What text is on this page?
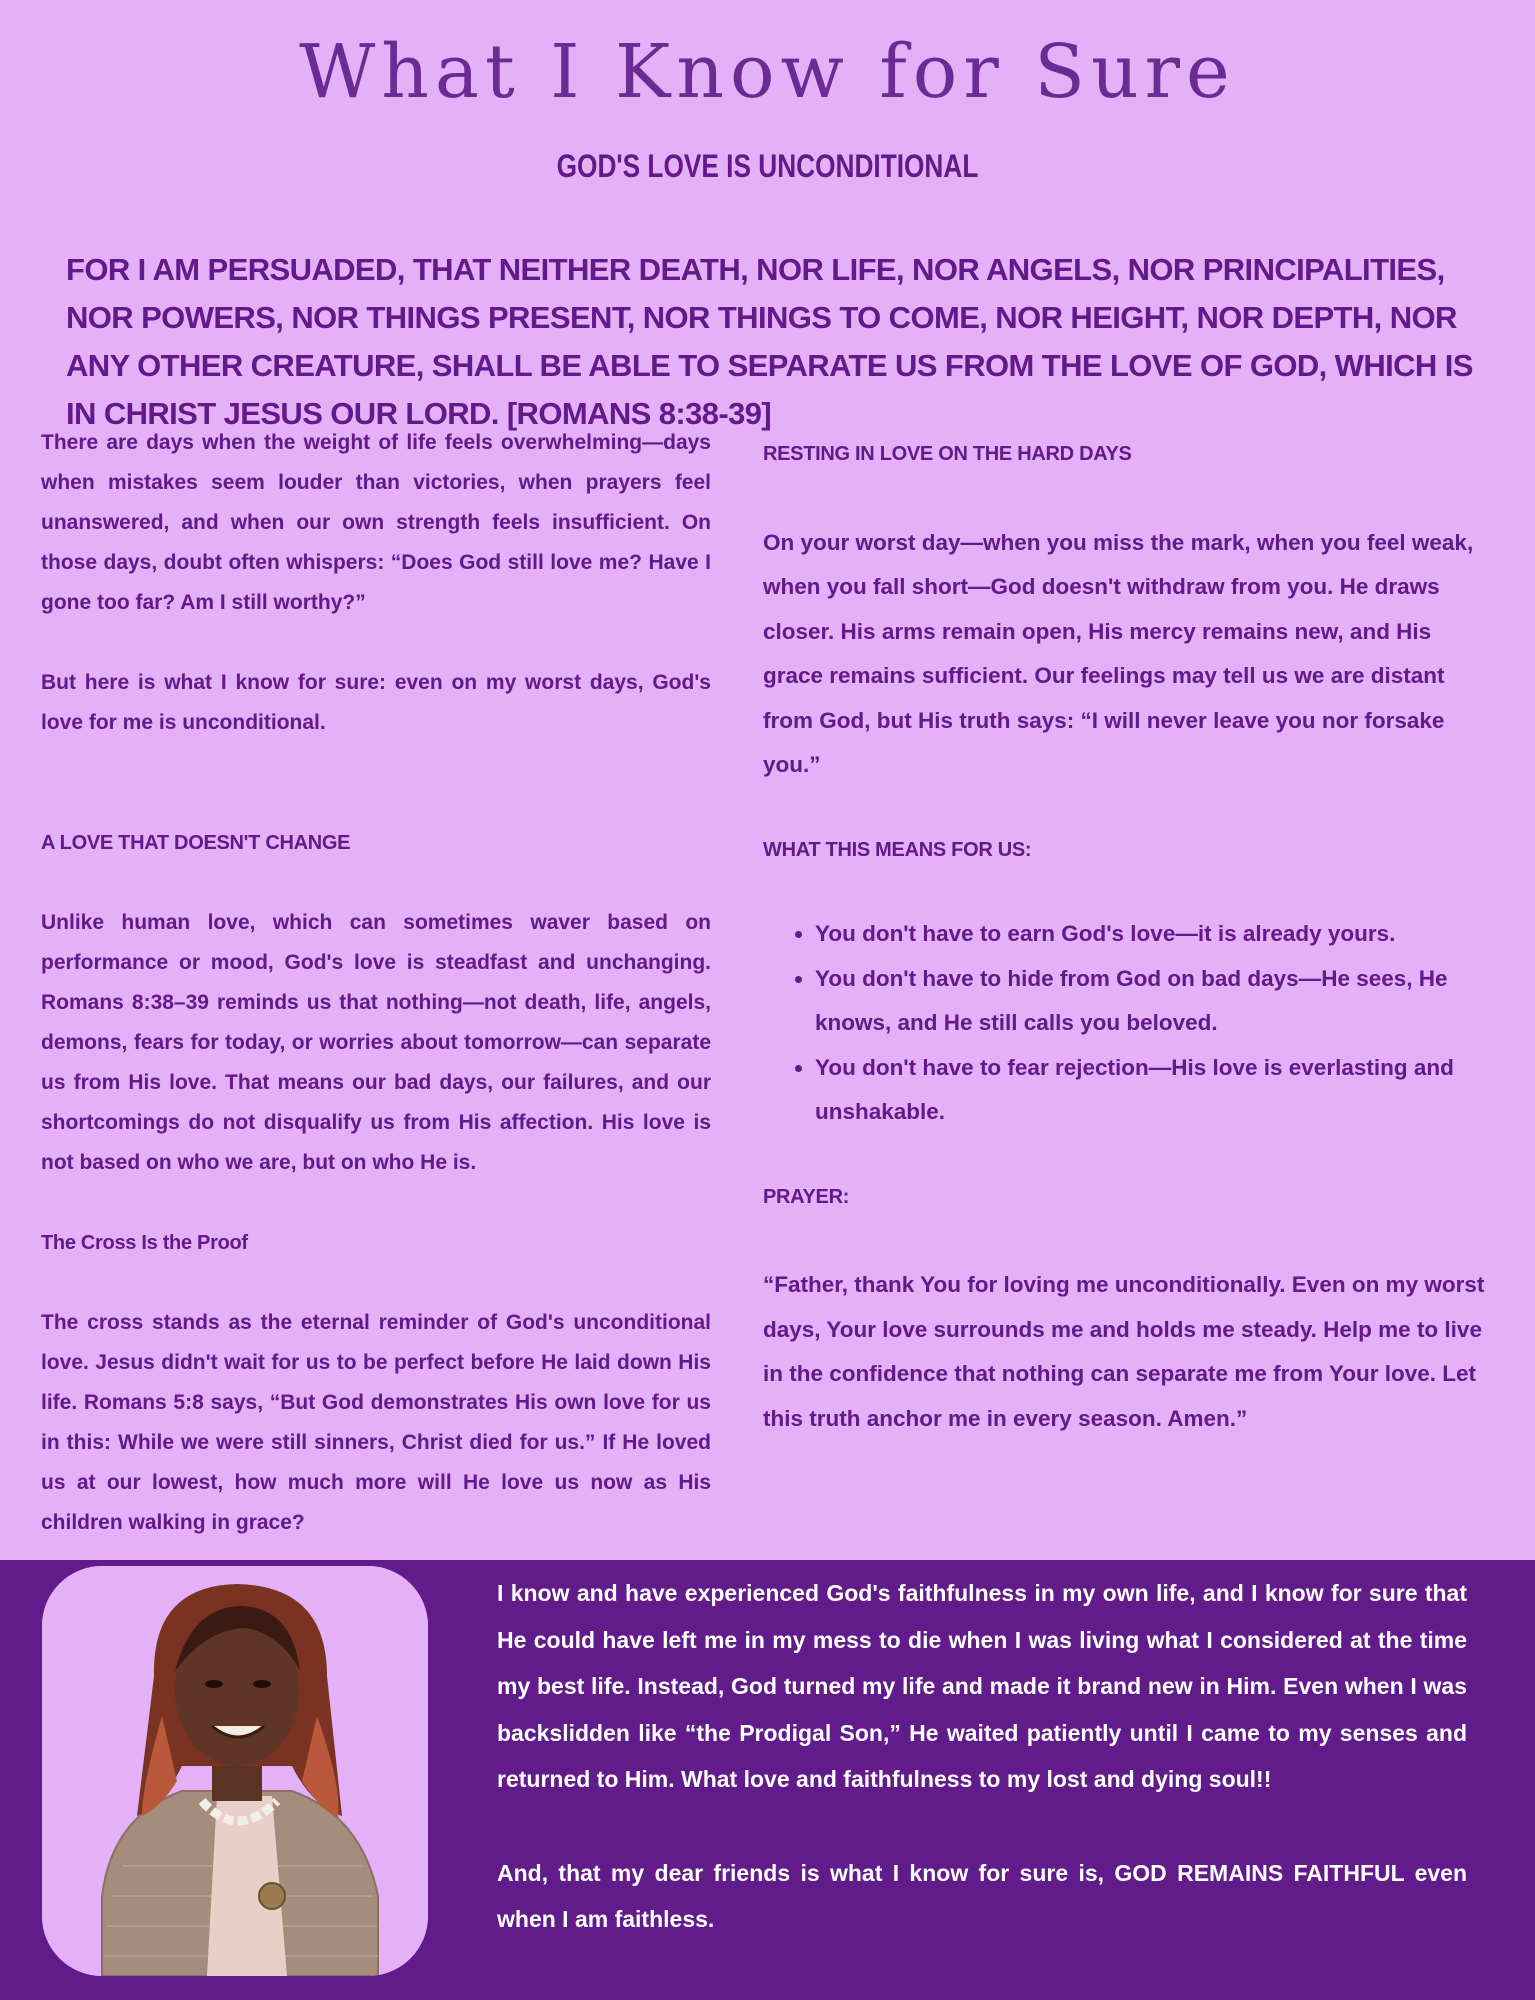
What I Know for Sure
GOD'S LOVE IS UNCONDITIONAL

FOR I AM PERSUADED, THAT NEITHER DEATH, NOR LIFE, NOR ANGELS, NOR PRINCIPALITIES, NOR POWERS, NOR THINGS PRESENT, NOR THINGS TO COME, NOR HEIGHT, NOR DEPTH, NOR ANY OTHER CREATURE, SHALL BE ABLE TO SEPARATE US FROM THE LOVE OF GOD, WHICH IS IN CHRIST JESUS OUR LORD. [ROMANS 8:38-39]

There are days when the weight of life feels overwhelming—days when mistakes seem louder than victories, when prayers feel unanswered, and when our own strength feels insufficient. On those days, doubt often whispers: “Does God still love me? Have I gone too far? Am I still worthy?”

But here is what I know for sure: even on my worst days, God's love for me is unconditional.

A LOVE THAT DOESN'T CHANGE

Unlike human love, which can sometimes waver based on performance or mood, God's love is steadfast and unchanging. Romans 8:38–39 reminds us that nothing—not death, life, angels, demons, fears for today, or worries about tomorrow—can separate us from His love. That means our bad days, our failures, and our shortcomings do not disqualify us from His affection. His love is not based on who we are, but on who He is.

The Cross Is the Proof

The cross stands as the eternal reminder of God's unconditional love. Jesus didn't wait for us to be perfect before He laid down His life. Romans 5:8 says, “But God demonstrates His own love for us in this: While we were still sinners, Christ died for us.” If He loved us at our lowest, how much more will He love us now as His children walking in grace?

RESTING IN LOVE ON THE HARD DAYS

On your worst day—when you miss the mark, when you feel weak, when you fall short—God doesn't withdraw from you. He draws closer. His arms remain open, His mercy remains new, and His grace remains sufficient. Our feelings may tell us we are distant from God, but His truth says: “I will never leave you nor forsake you.”

WHAT THIS MEANS FOR US:
• You don't have to earn God's love—it is already yours.
• You don't have to hide from God on bad days—He sees, He knows, and He still calls you beloved.
• You don't have to fear rejection—His love is everlasting and unshakable.
PRAYER:

“Father, thank You for loving me unconditionally. Even on my worst days, Your love surrounds me and holds me steady. Help me to live in the confidence that nothing can separate me from Your love. Let this truth anchor me in every season. Amen.”

I know and have experienced God's faithfulness in my own life, and I know for sure that He could have left me in my mess to die when I was living what I considered at the time my best life. Instead, God turned my life and made it brand new in Him. Even when I was backslidden like “the Prodigal Son,” He waited patiently until I came to my senses and returned to Him. What love and faithfulness to my lost and dying soul!!

And, that my dear friends is what I know for sure is, GOD REMAINS FAITHFUL even when I am faithless.
